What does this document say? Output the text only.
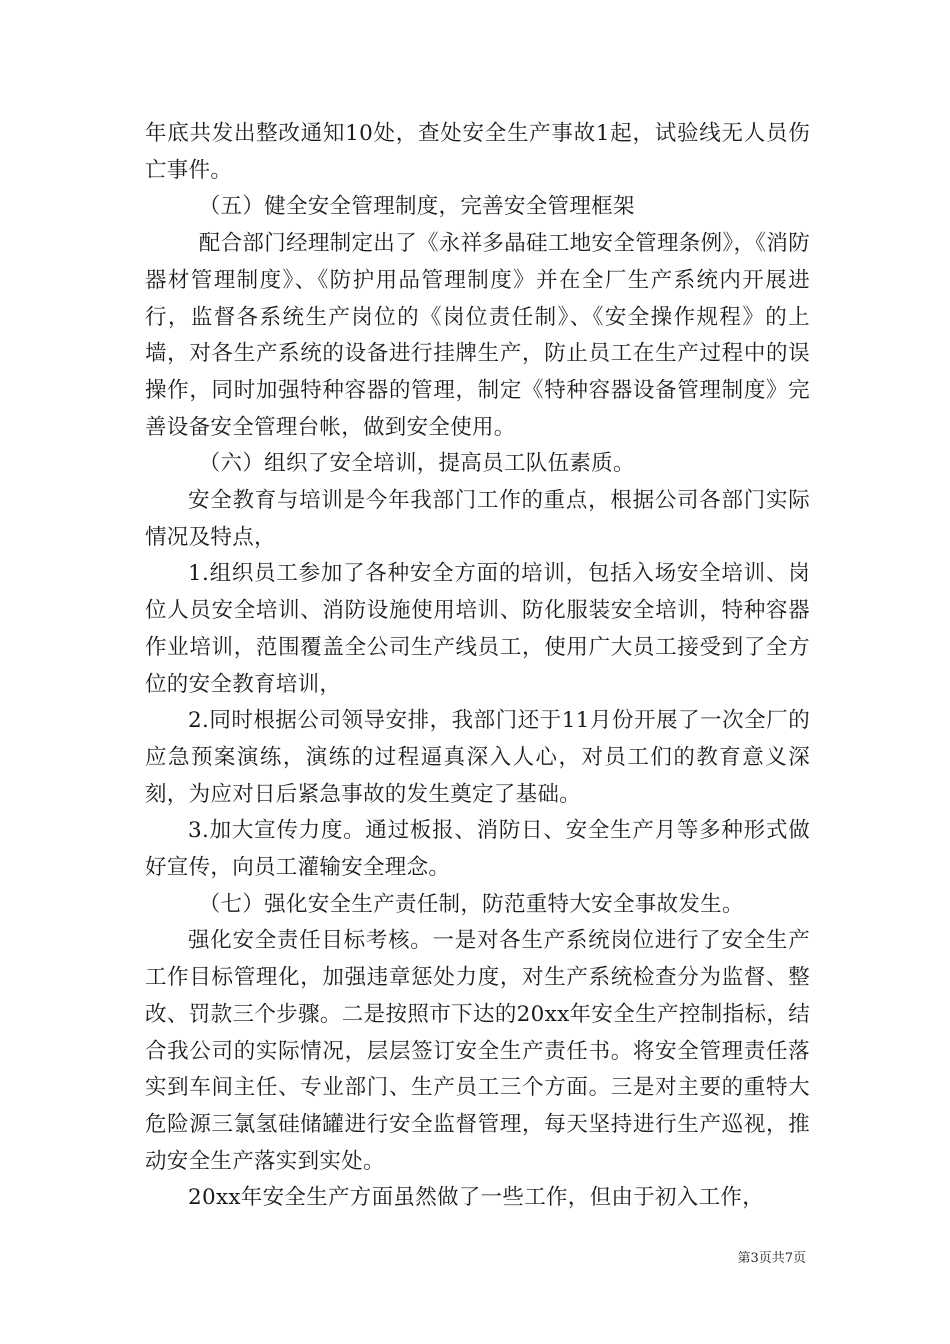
年底共发出整改通知10处，查处安全生产事故1起，试验线无人员伤亡事件。

（五）健全安全管理制度，完善安全管理框架

配合部门经理制定出了《永祥多晶硅工地安全管理条例》，《消防器材管理制度》、《防护用品管理制度》并在全厂生产系统内开展进行，监督各系统生产岗位的《岗位责任制》、《安全操作规程》的上墙，对各生产系统的设备进行挂牌生产，防止员工在生产过程中的误操作，同时加强特种容器的管理，制定《特种容器设备管理制度》完善设备安全管理台帐，做到安全使用。

（六）组织了安全培训，提高员工队伍素质。

安全教育与培训是今年我部门工作的重点，根据公司各部门实际情况及特点，

1.组织员工参加了各种安全方面的培训，包括入场安全培训、岗位人员安全培训、消防设施使用培训、防化服装安全培训，特种容器作业培训，范围覆盖全公司生产线员工，使用广大员工接受到了全方位的安全教育培训，

2.同时根据公司领导安排，我部门还于11月份开展了一次全厂的应急预案演练，演练的过程逼真深入人心，对员工们的教育意义深刻，为应对日后紧急事故的发生奠定了基础。

3.加大宣传力度。通过板报、消防日、安全生产月等多种形式做好宣传，向员工灌输安全理念。

（七）强化安全生产责任制，防范重特大安全事故发生。

强化安全责任目标考核。一是对各生产系统岗位进行了安全生产工作目标管理化，加强违章惩处力度，对生产系统检查分为监督、整改、罚款三个步骤。二是按照市下达的20xx年安全生产控制指标，结合我公司的实际情况，层层签订安全生产责任书。将安全管理责任落实到车间主任、专业部门、生产员工三个方面。三是对主要的重特大危险源三氯氢硅储罐进行安全监督管理，每天坚持进行生产巡视，推动安全生产落实到实处。

20xx年安全生产方面虽然做了一些工作，但由于初入工作，

第3页共7页
